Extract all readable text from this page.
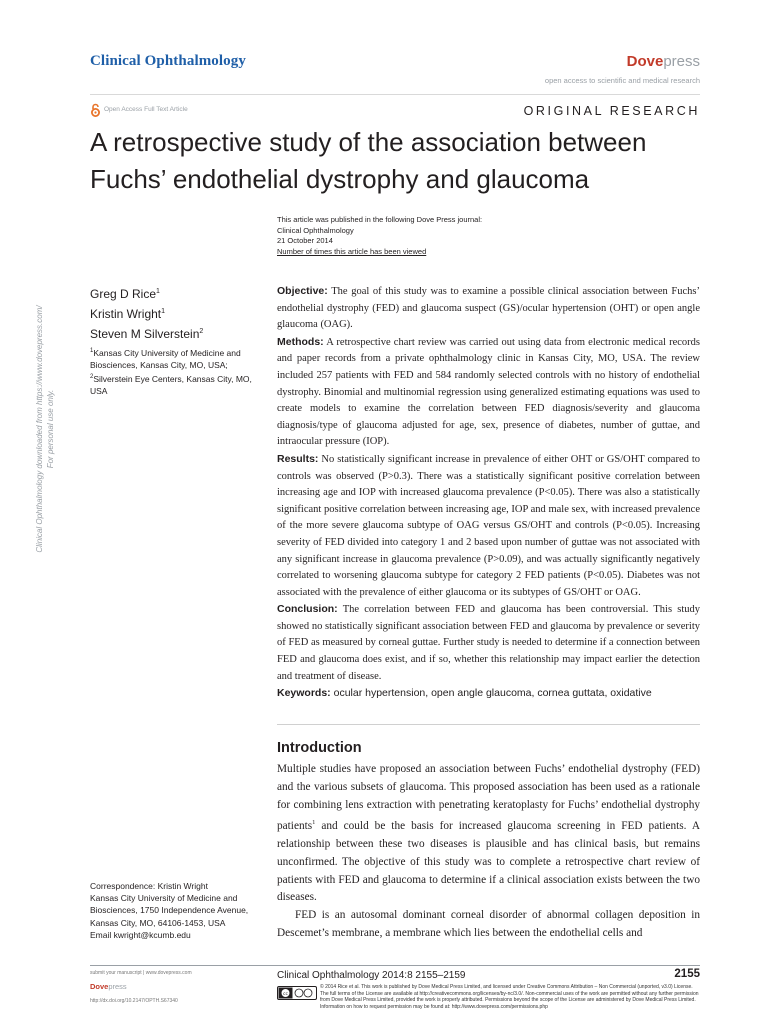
Clinical Ophthalmology	Dovepress
open access to scientific and medical research
Open Access Full Text Article	ORIGINAL RESEARCH
A retrospective study of the association between Fuchs’ endothelial dystrophy and glaucoma
This article was published in the following Dove Press journal:
Clinical Ophthalmology
21 October 2014
Number of times this article has been viewed
Clinical Ophthalmology downloaded from https://www.dovepress.com/ For personal use only.
Greg D Rice$^1$
Kristin Wright$^1$
Steven M Silverstein$^2$
$^1$Kansas City University of Medicine and Biosciences, Kansas City, MO, USA; $^2$Silverstein Eye Centers, Kansas City, MO, USA

Objective: The goal of this study was to examine a possible clinical association between Fuchs’ endothelial dystrophy (FED) and glaucoma suspect (GS)/ocular hypertension (OHT) or open angle glaucoma (OAG).

Methods: A retrospective chart review was carried out using data from electronic medical records and paper records from a private ophthalmology clinic in Kansas City, MO, USA. The review included 257 patients with FED and 584 randomly selected controls with no history of endothelial dystrophy. Binomial and multinomial regression using generalized estimating equations was used to create models to examine the correlation between FED diagnosis/severity and glaucoma diagnosis/type of glaucoma adjusted for age, sex, presence of diabetes, number of guttae, and intraocular pressure (IOP).

Results: No statistically significant increase in prevalence of either OHT or GS/OHT compared to controls was observed (P>0.3). There was a statistically significant positive correlation between increasing age and IOP with increased glaucoma prevalence (P<0.05). There was also a statistically significant positive correlation between increasing age, IOP and male sex, with increased prevalence of the more severe glaucoma subtype of OAG versus GS/OHT and controls (P<0.05). Increasing severity of FED divided into category 1 and 2 based upon number of guttae was not associated with any significant increase in glaucoma prevalence (P>0.09), and was actually significantly negatively correlated to worsening glaucoma subtype for category 2 FED patients (P<0.05). Diabetes was not associated with the prevalence of either glaucoma or its subtypes of GS/OHT or OAG.

Conclusion: The correlation between FED and glaucoma has been controversial. This study showed no statistically significant association between FED and glaucoma by prevalence or severity of FED as measured by corneal guttae. Further study is needed to determine if a connection between FED and glaucoma does exist, and if so, whether this relationship may impact earlier the detection and treatment of disease.

Keywords: ocular hypertension, open angle glaucoma, cornea guttata, oxidative

Introduction

Multiple studies have proposed an association between Fuchs’ endothelial dystrophy (FED) and the various subsets of glaucoma. This proposed association has been used as a rationale for combining lens extraction with penetrating keratoplasty for Fuchs’ endothelial dystrophy patients$^1$ and could be the basis for increased glaucoma screening in FED patients. A relationship between these two diseases is plausible and has clinical basis, but remains unconfirmed. The objective of this study was to complete a retrospective chart review of patients with FED and glaucoma to determine if a clinical association exists between the two diseases.

FED is an autosomal dominant corneal disorder of abnormal collagen deposition in Descemet’s membrane, a membrane which lies between the endothelial cells and

Correspondence: Kristin Wright
Kansas City University of Medicine and
Biosciences, 1750 Independence Avenue,
Kansas City, MO, 64106-1453, USA
Email kwright@kcumb.edu
submit your manuscript | www.dovepress.com
Dovepress
http://dx.doi.org/10.2147/OPTH.S67340
Clinical Ophthalmology 2014:8 2155–2159	2155
cc
© 2014 Rice et al. This work is published by Dove Medical Press Limited, and licensed under Creative Commons Attribution – Non Commercial (unported, v3.0) License. The full terms of the License are available at http://creativecommons.org/licenses/by-nc/3.0/. Non-commercial uses of the work are permitted without any further permission from Dove Medical Press Limited, provided the work is properly attributed. Permissions beyond the scope of the License are administered by Dove Medical Press Limited. Information on how to request permission may be found at: http://www.dovepress.com/permissions.php
